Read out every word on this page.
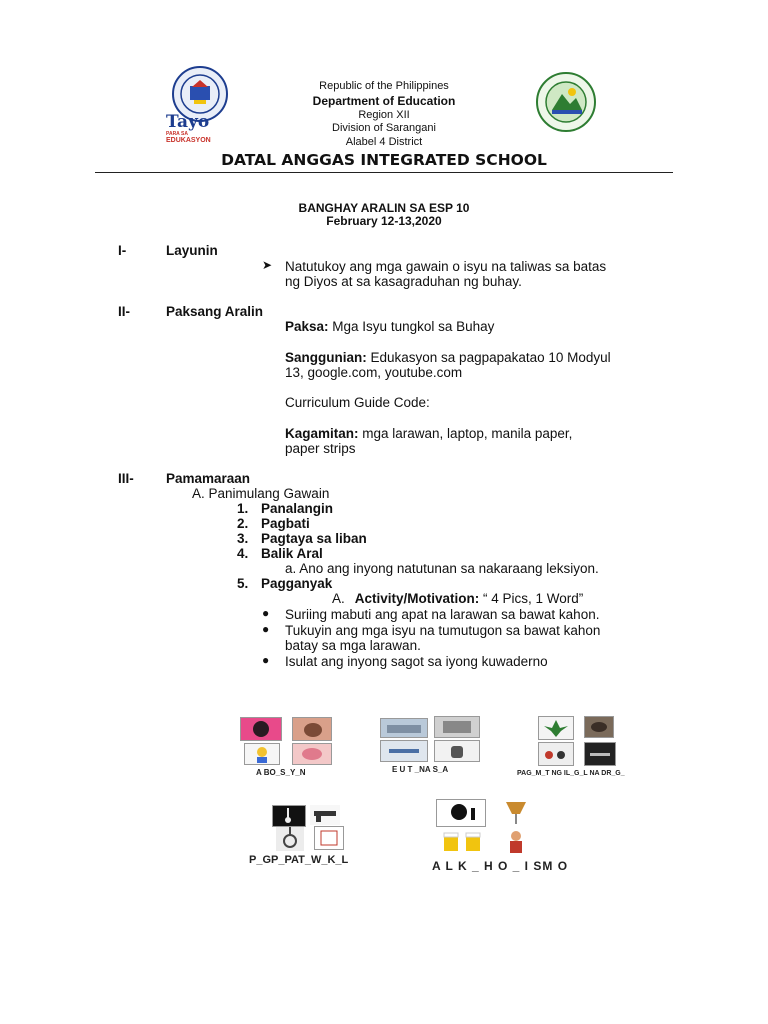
Tayo
PARA SA
EDUKASYON
Republic of the Philippines
Department of Education
Region XII
Division of Sarangani
Alabel 4 District
DATAL ANGGAS INTEGRATED SCHOOL
BANGHAY ARALIN SA ESP 10
February 12-13,2020
I-	Layunin
➤ Natutukoy ang mga gawain o isyu na taliwas sa batas
ng Diyos at sa kasagraduhan ng buhay.
II-	Paksang Aralin
Paksa: Mga Isyu tungkol sa Buhay
Sanggunian: Edukasyon sa pagpapakatao 10 Modyul
13, google.com, youtube.com
Curriculum Guide Code:
Kagamitan: mga larawan, laptop, manila paper,
paper strips
III- Pamamaraan
A. Panimulang Gawain
1. Panalangin
2. Pagbati
3. Pagtaya sa liban
4. Balik Aral
a. Ano ang inyong natutunan sa nakaraang leksiyon.
5. Pagganyak
A. Activity/Motivation: “ 4 Pics, 1 Word”
● Suriing mabuti ang apat na larawan sa bawat kahon.
● Tukuyin ang mga isyu na tumutugon sa bawat kahon
batay sa mga larawan.
● Isulat ang inyong sagot sa iyong kuwaderno
A BO_S_Y_N	E U T _NA S_A	PAG_M_T NG IL_G_L NA DR_G_
P_GP_PAT_W_K_L	A L K _ H O _ I SM O
